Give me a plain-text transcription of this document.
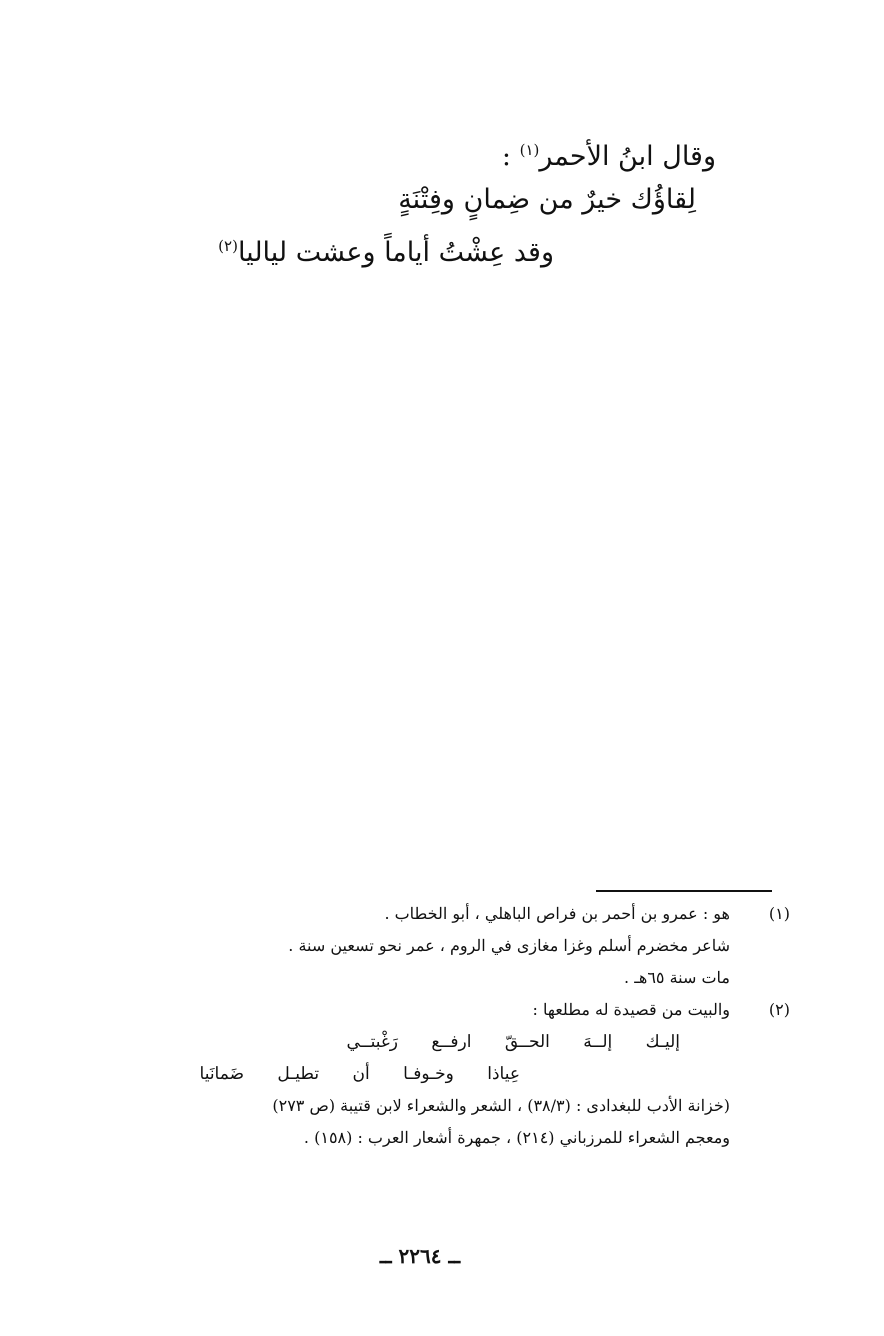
وقال ابنُ الأحمر$^{(١)}$ :
لِقاؤُك خيرٌ من ضِمانٍ وفِتْنَةٍ
وقد عِشْتُ أياماً وعشت لياليا$^{(٢)}$
(١)
هو : عمرو بن أحمر بن فراص الباهلي ، أبو الخطاب .
شاعر مخضرم أسلم وغزا مغازى في الروم ، عمر نحو تسعين سنة .
مات سنة ٦٥هـ .
(٢)
والبيت من قصيدة له مطلعها :
إليـك إلــهَ الحــقّ ارفــع رَغْبتــي
عِياذا وخـوفـا أن تطيـل ضَمانَيا
(خزانة الأدب للبغدادى : (٣٨/٣) ، الشعر والشعراء لابن قتيبة (ص ٢٧٣)
ومعجم الشعراء للمرزباني (٢١٤) ، جمهرة أشعار العرب : (١٥٨) .
ــ ٢٢٦٤ ــ
